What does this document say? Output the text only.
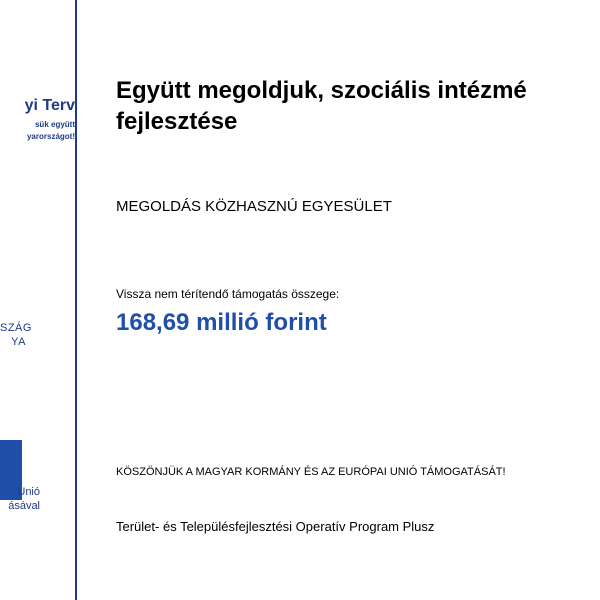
yi Terv
sük együtt
yarországot!
SZÁG
YA
Unió
ásával
Együtt megoldjuk, szociális intézmé
fejlesztése
MEGOLDÁS KÖZHASZNÚ EGYESÜLET
Vissza nem térítendő támogatás összege:
168,69 millió forint
KÖSZÖNJÜK A MAGYAR KORMÁNY ÉS AZ EURÓPAI UNIÓ TÁMOGATÁSÁT!
Terület- és Településfejlesztési Operatív Program Plusz
